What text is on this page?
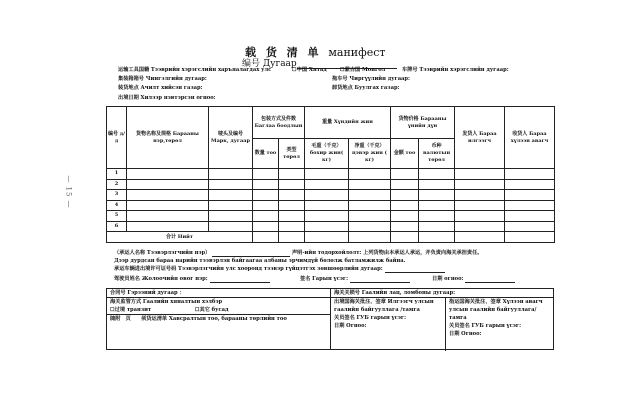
— 15 —
载 货 清 单 манифест
编号 Дугаар
运输工具国籍 Тээврийн хэрэгслийн харъяалагдах улс	☐中国 Хятад	☐蒙古国 Монгол	车牌号 Тээврийн хэрэгслийн дугаар:
集装箱箱号 Чингэлгийн дугаар:	拖车号 Чиргүүлийн дугаар:
装货地点 Ачилт хийсэн газар:	卸货地点 Буулгах газар:
出境日期 Хилээр нэвтэрсэн огноо:
编号 д/ д	货物名称及规格 Барааны нэр,төрөл	唛头及编号 Марк, дугаар	包装方式及件数 Баглаа боодлын		重量 Хүндийн жин		货物价格 Барааны үнийн дүн		发货人 Бараа илгээгч	收货人 Бараа хүлээн авагч
			数量 тоо	类型 төрөл	毛重（千克） бохир жин( кг)	净重（千克） цэвэр жин ( кг)	金额 тоо	币种 валютын төрөл		
1										
2										
3										
4										
5										
6										
合计 Нийт										
（承运人名称 Тээвэрлэгчийн нэр）	声明-ийн тодорхойлолт: 上列货物由本承运人承运，并负责向海关承担责任。
Дээр дурдсан бараа нарийн тээвэрлэн байгаагаа албаны эрчимдүй бөлөлж батламжилж байна.
承运车辆进出境许可证号码 Тээвэрлэгчийн улс хооронд тээвэр гүйцэтгэх зөвшөөрлийн дугаар:
驾驶员姓名 Жолоочийн овог нэр:	签名 Гарын үсэг:	日期 огноо:
合同号 Гэрээний дугаар ：
海关监管方式 Гаалийн хяналтын хэлбэр
☐过境 транзит	☐其它 бусад
随附　页　　须货运清单 Хавсралтын тоо, барааны төрлийн тоо
海关关锁号 Гаалийн лац, ломбоны дугаар:
出境国海关批注、签章 Илгээгч улсын гаалийн байгууллага /тамга
关员签名 ГУБ гарын үсэг:
日期 Огноо:
指运国海关批注、签章 Хүлээн авагч улсын гаалийн байгууллага/тамга
关员签名 ГУБ гарын үсэг:
日期 Огноо:
